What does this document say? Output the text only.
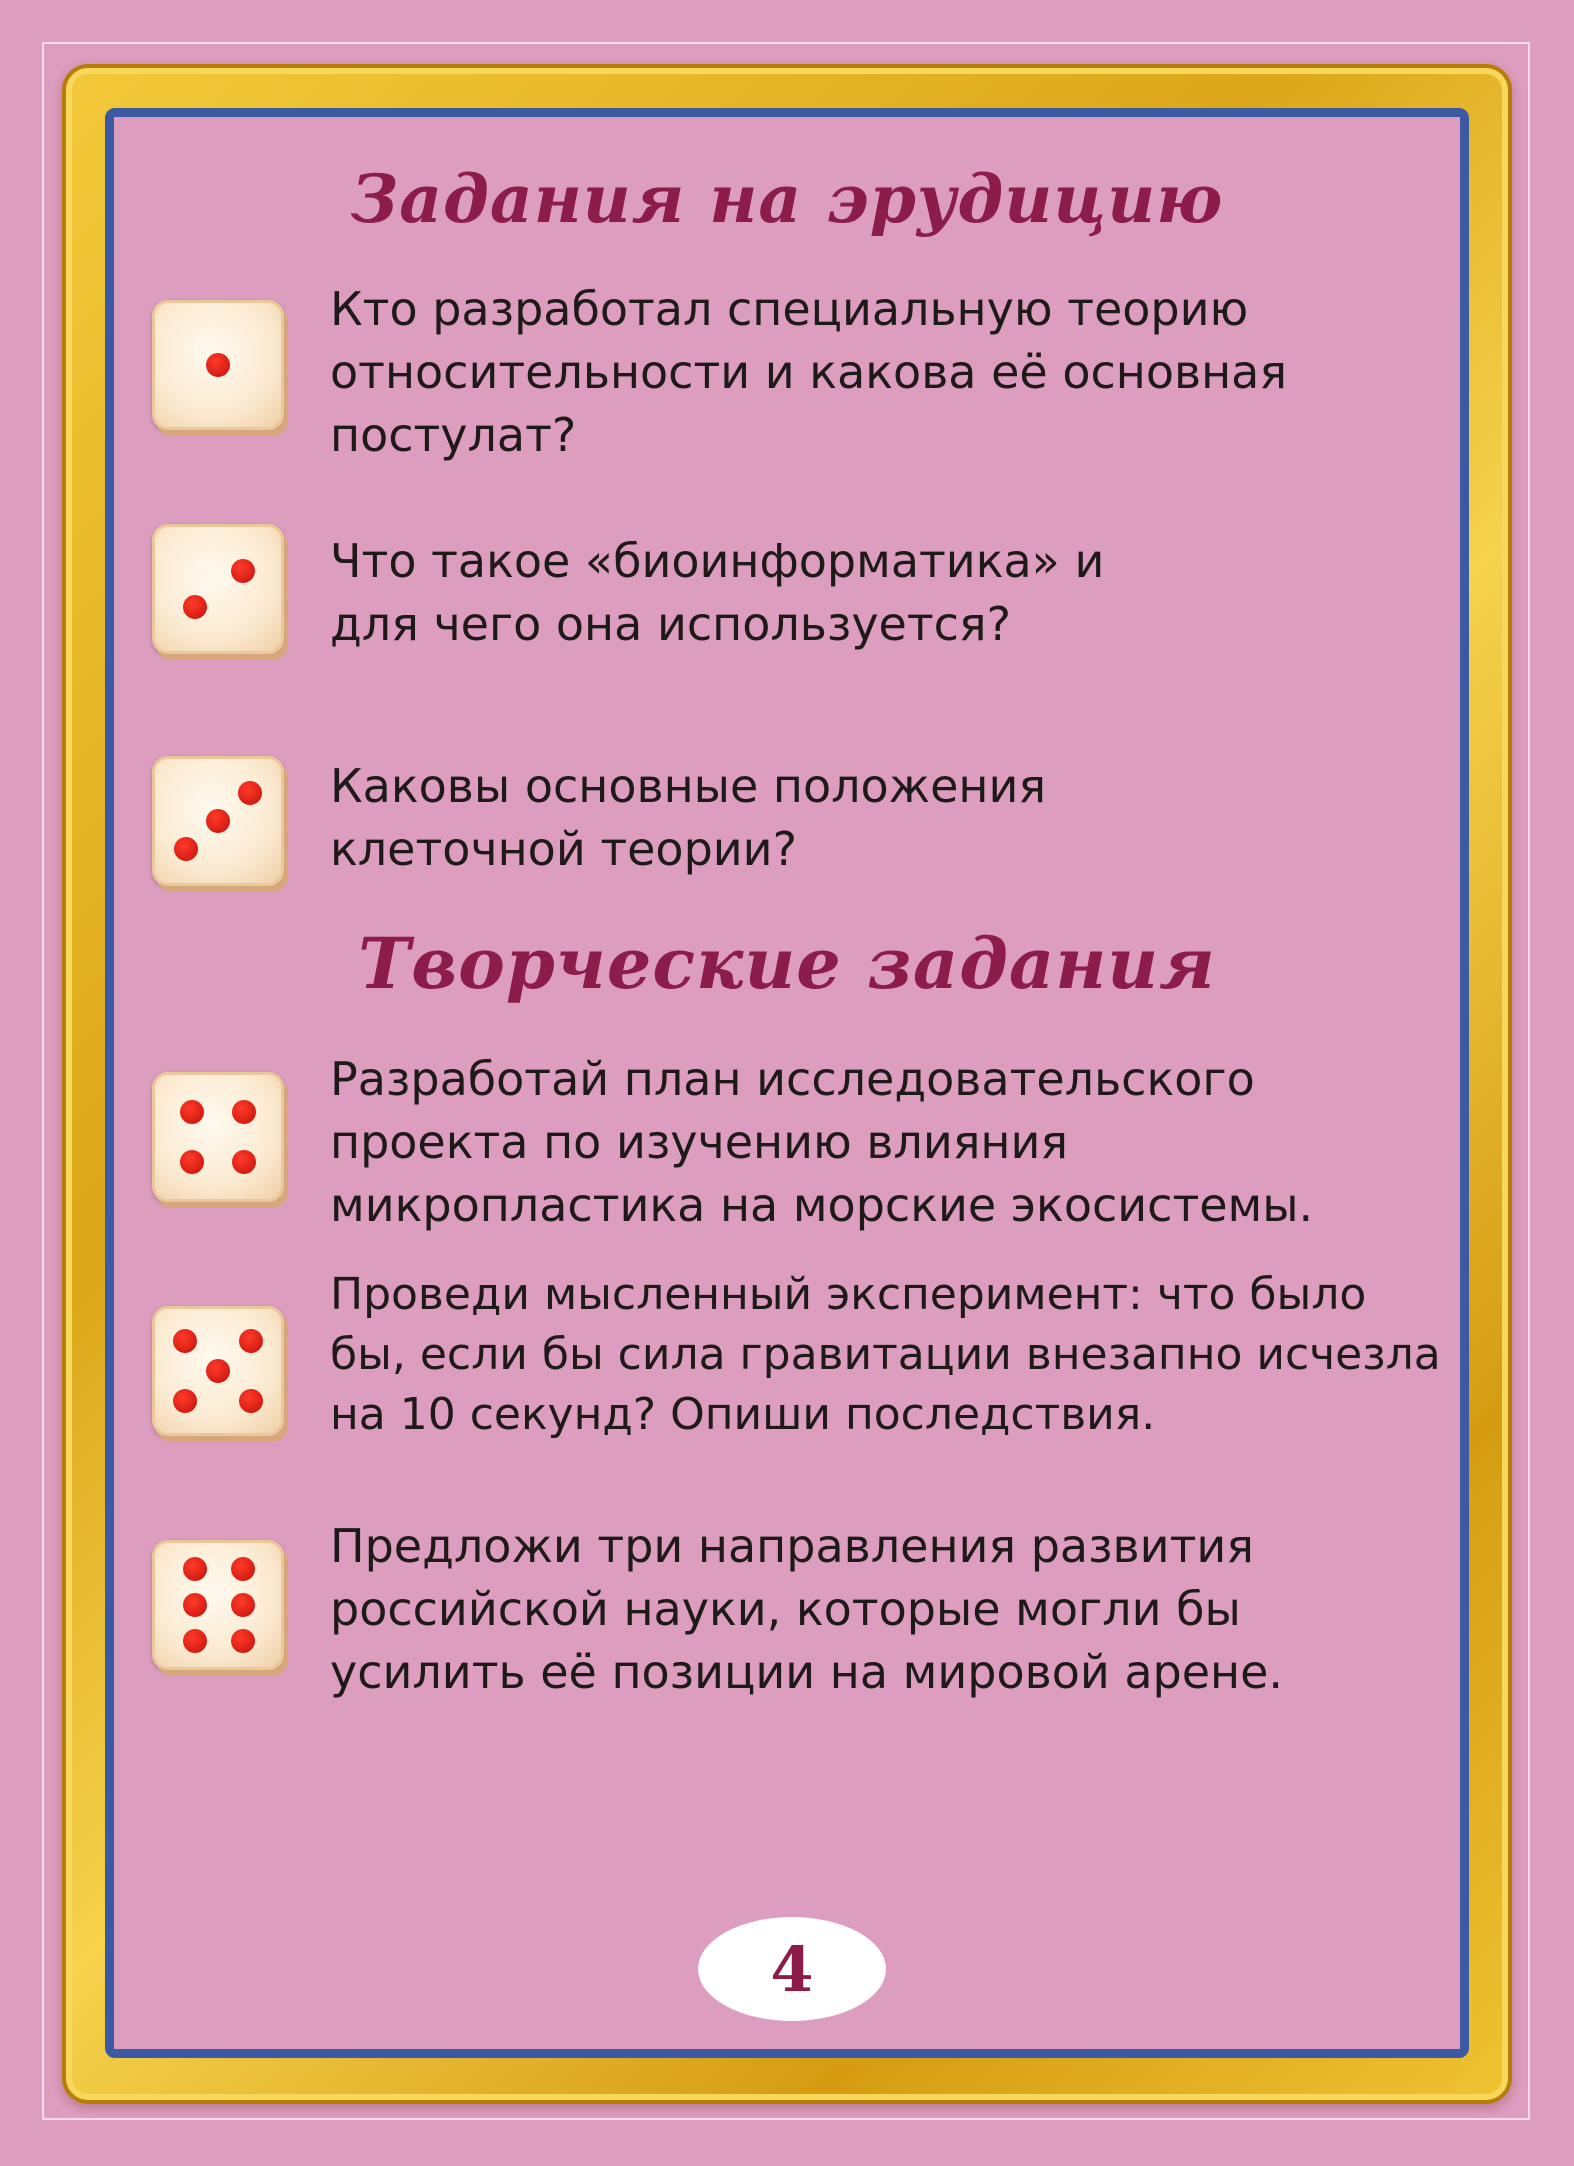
Задания на эрудицию

Кто разработал специальную теорию относительности и какова её основная постулат?

Что такое «биоинформатика» и для чего она используется?

Каковы основные положения клеточной теории?

Творческие задания

Разработай план исследовательского проекта по изучению влияния микропластика на морские экосистемы.

Проведи мысленный эксперимент: что было бы, если бы сила гравитации внезапно исчезла на 10 секунд? Опиши последствия.

Предложи три направления развития российской науки, которые могли бы усилить её позиции на мировой арене.

4
